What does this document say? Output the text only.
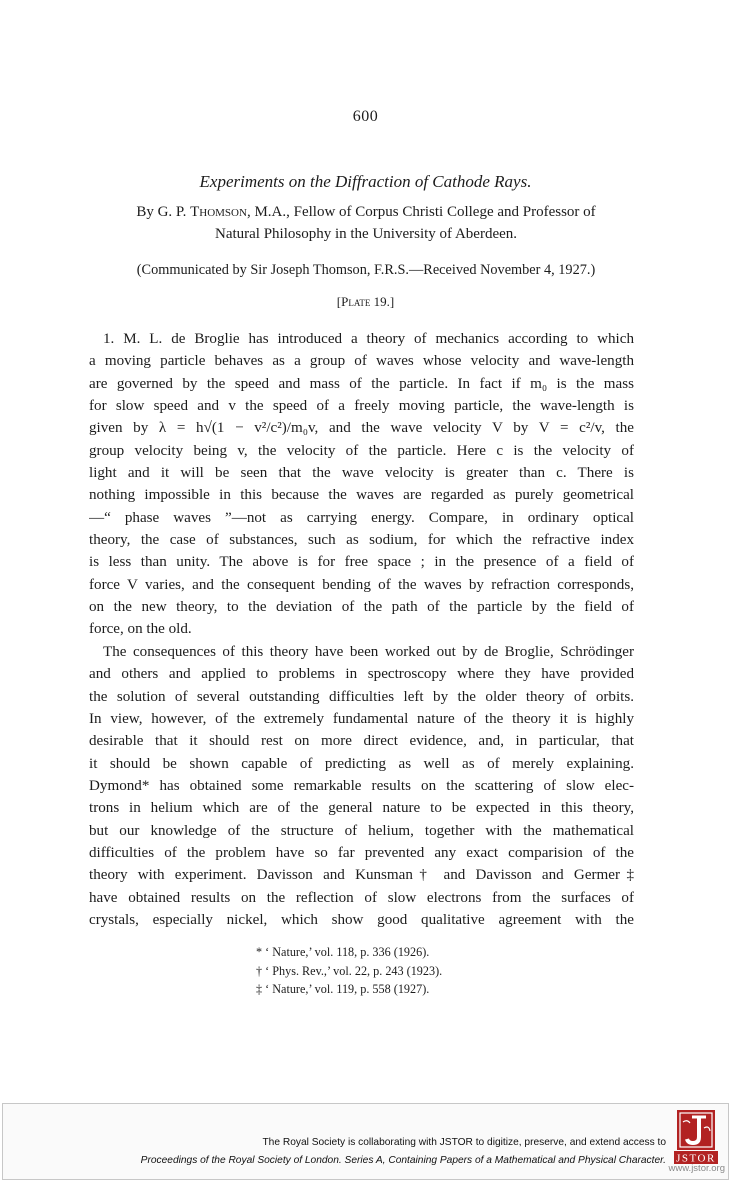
600
Experiments on the Diffraction of Cathode Rays.
By G. P. Thomson, M.A., Fellow of Corpus Christi College and Professor of
Natural Philosophy in the University of Aberdeen.
(Communicated by Sir Joseph Thomson, F.R.S.—Received November 4, 1927.)
[Plate 19.]
1. M. L. de Broglie has introduced a theory of mechanics according to which
a moving particle behaves as a group of waves whose velocity and wave-length
are governed by the speed and mass of the particle. In fact if m₀ is the mass
for slow speed and v the speed of a freely moving particle, the wave-length is
given by λ = h√(1 − v²/c²)/m₀v, and the wave velocity V by V = c²/v, the
group velocity being v, the velocity of the particle. Here c is the velocity of
light and it will be seen that the wave velocity is greater than c. There is
nothing impossible in this because the waves are regarded as purely geometrical
—“ phase waves ”—not as carrying energy. Compare, in ordinary optical
theory, the case of substances, such as sodium, for which the refractive index
is less than unity. The above is for free space ; in the presence of a field of
force V varies, and the consequent bending of the waves by refraction corresponds,
on the new theory, to the deviation of the path of the particle by the field of
force, on the old.
The consequences of this theory have been worked out by de Broglie, Schrödinger
and others and applied to problems in spectroscopy where they have provided
the solution of several outstanding difficulties left by the older theory of orbits.
In view, however, of the extremely fundamental nature of the theory it is highly
desirable that it should rest on more direct evidence, and, in particular, that
it should be shown capable of predicting as well as of merely explaining.
Dymond* has obtained some remarkable results on the scattering of slow elec-
trons in helium which are of the general nature to be expected in this theory,
but our knowledge of the structure of helium, together with the mathematical
difficulties of the problem have so far prevented any exact comparision of the
theory with experiment. Davisson and Kunsman† and Davisson and Germer‡
have obtained results on the reflection of slow electrons from the surfaces of
crystals, especially nickel, which show good qualitative agreement with the
* ‘ Nature,’ vol. 118, p. 336 (1926).
† ‘ Phys. Rev.,’ vol. 22, p. 243 (1923).
‡ ‘ Nature,’ vol. 119, p. 558 (1927).
The Royal Society is collaborating with JSTOR to digitize, preserve, and extend access to
Proceedings of the Royal Society of London. Series A, Containing Papers of a Mathematical and Physical Character. JSTOR
www.jstor.org
